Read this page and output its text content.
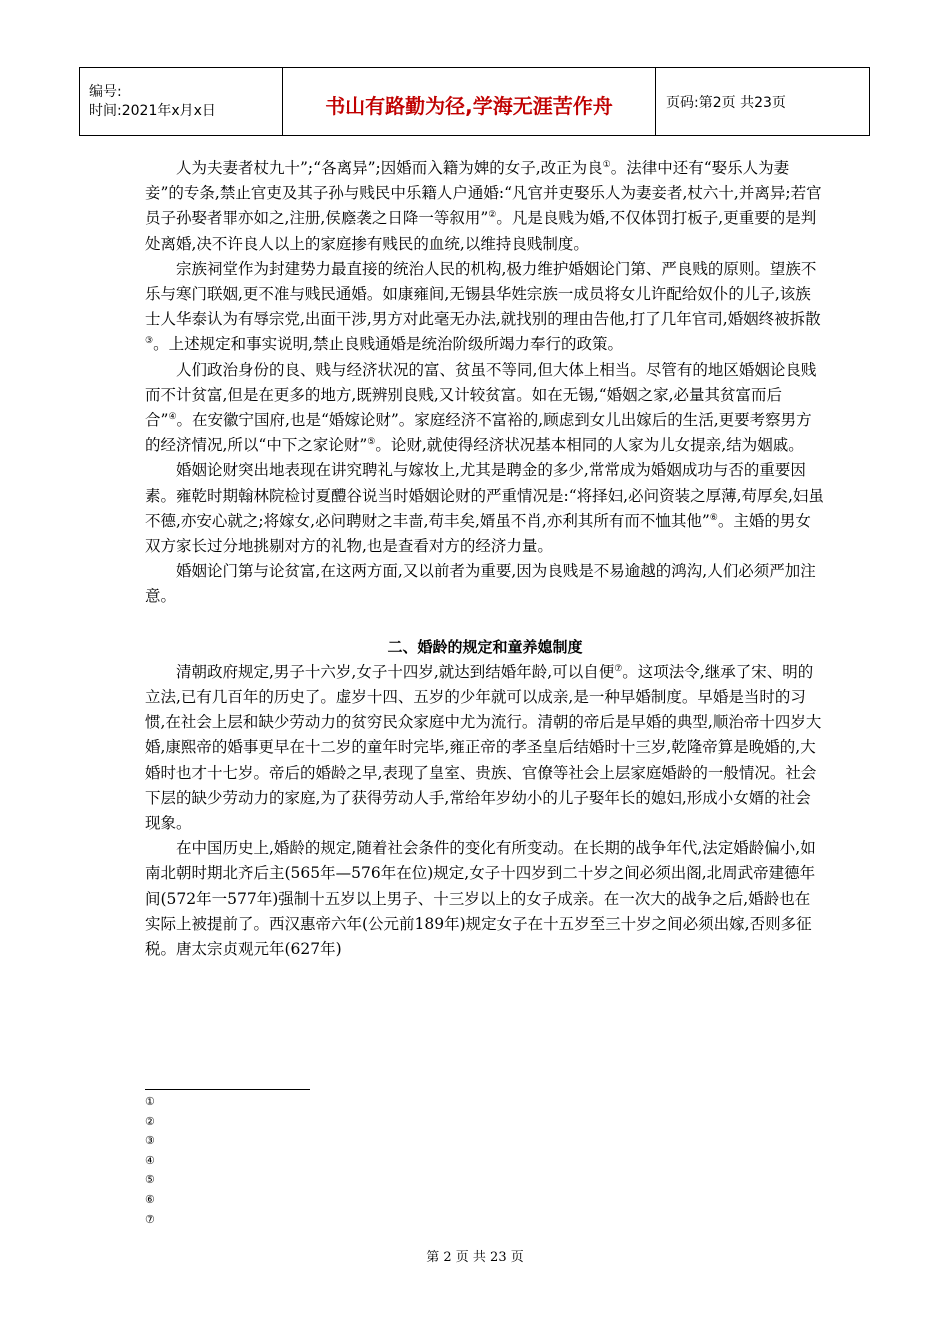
编号:
时间:2021年x月x日	书山有路勤为径,学海无涯苦作舟	页码:第2页 共23页

人为夫妻者杖九十”;“各离异”;因婚而入籍为婢的女子,改正为良①。法律中还有“娶乐人为妻妾”的专条,禁止官吏及其子孙与贱民中乐籍人户通婚:“凡官并吏娶乐人为妻妾者,杖六十,并离异;若官员子孙娶者罪亦如之,注册,侯廕袭之日降一等叙用”②。凡是良贱为婚,不仅体罚打板子,更重要的是判处离婚,决不许良人以上的家庭掺有贱民的血统,以维持良贱制度。

宗族祠堂作为封建势力最直接的统治人民的机构,极力维护婚姻论门第、严良贱的原则。望族不乐与寒门联姻,更不准与贱民通婚。如康雍间,无锡县华姓宗族一成员将女儿许配给奴仆的儿子,该族士人华泰认为有辱宗党,出面干涉,男方对此毫无办法,就找别的理由告他,打了几年官司,婚姻终被拆散③。上述规定和事实说明,禁止良贱通婚是统治阶级所竭力奉行的政策。

人们政治身份的良、贱与经济状况的富、贫虽不等同,但大体上相当。尽管有的地区婚姻论良贱而不计贫富,但是在更多的地方,既辨别良贱,又计较贫富。如在无锡,“婚姻之家,必量其贫富而后合”④。在安徽宁国府,也是“婚嫁论财”。家庭经济不富裕的,顾虑到女儿出嫁后的生活,更要考察男方的经济情况,所以“中下之家论财”⑤。论财,就使得经济状况基本相同的人家为儿女提亲,结为姻戚。

婚姻论财突出地表现在讲究聘礼与嫁妆上,尤其是聘金的多少,常常成为婚姻成功与否的重要因素。雍乾时期翰林院检讨夏醴谷说当时婚姻论财的严重情况是:“将择妇,必问资装之厚薄,苟厚矣,妇虽不德,亦安心就之;将嫁女,必问聘财之丰啬,苟丰矣,婿虽不肖,亦利其所有而不恤其他”⑥。主婚的男女双方家长过分地挑剔对方的礼物,也是查看对方的经济力量。

婚姻论门第与论贫富,在这两方面,又以前者为重要,因为良贱是不易逾越的鸿沟,人们必须严加注意。

二、婚龄的规定和童养媳制度

清朝政府规定,男子十六岁,女子十四岁,就达到结婚年龄,可以自便⑦。这项法令,继承了宋、明的立法,已有几百年的历史了。虚岁十四、五岁的少年就可以成亲,是一种早婚制度。早婚是当时的习惯,在社会上层和缺少劳动力的贫穷民众家庭中尤为流行。清朝的帝后是早婚的典型,顺治帝十四岁大婚,康熙帝的婚事更早在十二岁的童年时完毕,雍正帝的孝圣皇后结婚时十三岁,乾隆帝算是晚婚的,大婚时也才十七岁。帝后的婚龄之早,表现了皇室、贵族、官僚等社会上层家庭婚龄的一般情况。社会下层的缺少劳动力的家庭,为了获得劳动人手,常给年岁幼小的儿子娶年长的媳妇,形成小女婿的社会现象。

在中国历史上,婚龄的规定,随着社会条件的变化有所变动。在长期的战争年代,法定婚龄偏小,如南北朝时期北齐后主(565年—576年在位)规定,女子十四岁到二十岁之间必须出阁,北周武帝建德年间(572年一577年)强制十五岁以上男子、十三岁以上的女子成亲。在一次大的战争之后,婚龄也在实际上被提前了。西汉惠帝六年(公元前189年)规定女子在十五岁至三十岁之间必须出嫁,否则多征税。唐太宗贞观元年(627年)

①
②
③
④
⑤
⑥
⑦
第 2 页 共 23 页
